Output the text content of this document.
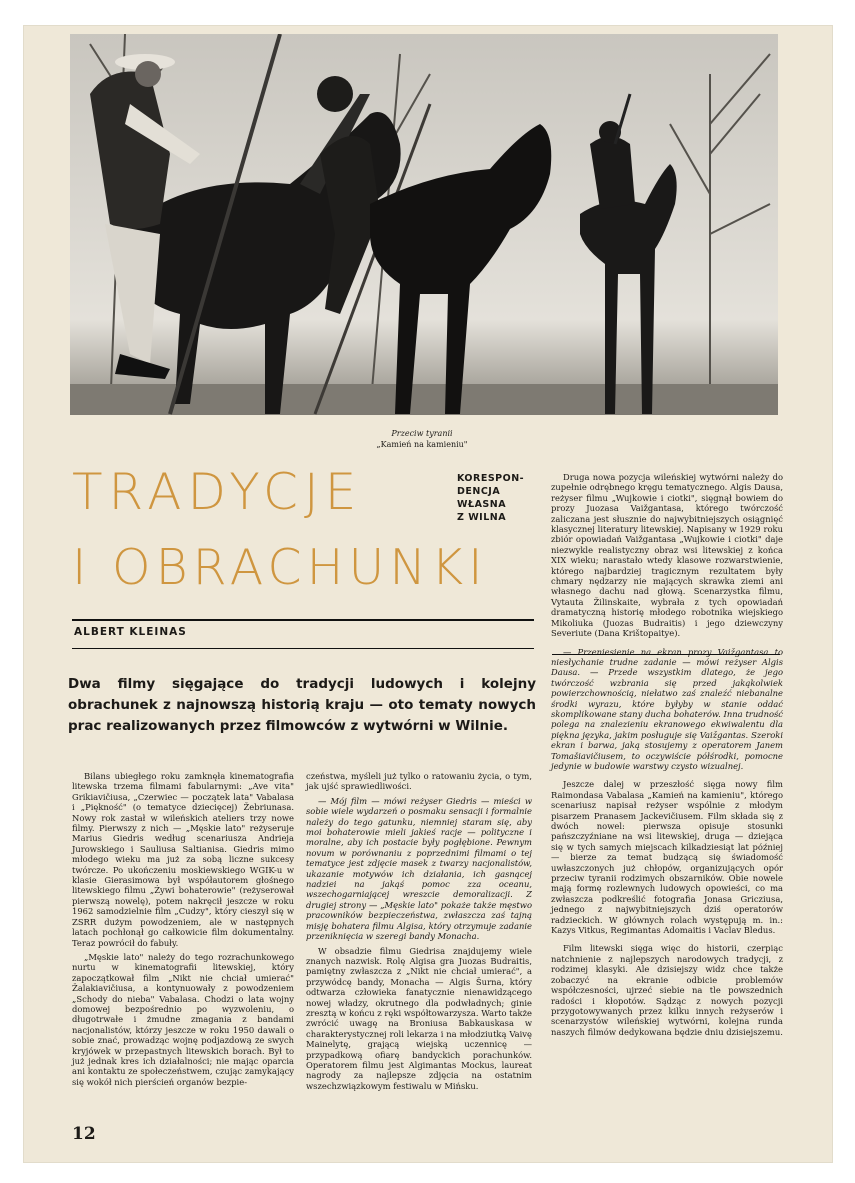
Przeciw tyranii
„Kamień na kamieniu"
TRADYCJE
I OBRACHUNKI
KORESPON-
DENCJA
WŁASNA
Z WILNA
ALBERT KLEINAS
Dwa filmy sięgające do tradycji ludowych i kolejny obrachunek z najnowszą historią kraju — oto tematy nowych prac realizowanych przez filmowców z wytwórni w Wilnie.

Bilans ubiegłego roku zamknęła kinematografia litewska trzema filmami fabularnymi: „Ave vita" Grikiavičiusa, „Czerwiec — początek lata" Vabalasa i „Piękność" (o tematyce dziecięcej) Žebriunasa. Nowy rok zastał w wileńskich ateliers trzy nowe filmy. Pierwszy z nich — „Męskie lato" reżyseruje Marius Giedris według scenariusza Andrieja Jurowskiego i Sauliusa Saltianisa. Giedris mimo młodego wieku ma już za sobą liczne sukcesy twórcze. Po ukończeniu moskiewskiego WGIK-u w klasie Gierasimowa był współautorem głośnego litewskiego filmu „Żywi bohaterowie" (reżyserował pierwszą nowelę), potem nakręcił jeszcze w roku 1962 samodzielnie film „Cudzy", który cieszył się w ZSRR dużym powodzeniem, ale w następnych latach pochłonął go całkowicie film dokumentalny. Teraz powrócił do fabuły.

„Męskie lato" należy do tego rozrachunkowego nurtu w kinematografii litewskiej, który zapoczątkował film „Nikt nie chciał umierać" Žalakiavičiusa, a kontynuowały z powodzeniem „Schody do nieba" Vabalasa. Chodzi o lata wojny domowej bezpośrednio po wyzwoleniu, o długotrwałe i żmudne zmagania z bandami nacjonalistów, którzy jeszcze w roku 1950 dawali o sobie znać, prowadząc wojnę podjazdową ze swych kryjówek w przepastnych litewskich borach. Był to już jednak kres ich działalności; nie mając oparcia ani kontaktu ze społeczeństwem, czując zamykający się wokół nich pierścień organów bezpie-

czeństwa, myśleli już tylko o ratowaniu życia, o tym, jak ujść sprawiedliwości.

— Mój film — mówi reżyser Giedris — mieści w sobie wiele wydarzeń o posmaku sensacji i formalnie należy do tego gatunku, niemniej staram się, aby moi bohaterowie mieli jakieś racje — polityczne i moralne, aby ich postacie były pogłębione. Pewnym novum w porównaniu z poprzednimi filmami o tej tematyce jest zdjęcie masek z twarzy nacjonalistów, ukazanie motywów ich działania, ich gasnącej nadziei na jakąś pomoc zza oceanu, wszechogarniającej wreszcie demoralizacji. Z drugiej strony — „Męskie lato" pokaże także męstwo pracowników bezpieczeństwa, zwłaszcza zaś tajną misję bohatera filmu Algisa, który otrzymuje zadanie przeniknięcia w szeregi bandy Monacha.

W obsadzie filmu Giedrisa znajdujemy wiele znanych nazwisk. Rolę Algisa gra Juozas Budraitis, pamiętny zwłaszcza z „Nikt nie chciał umierać", a przywódcę bandy, Monacha — Algis Šurna, który odtwarza człowieka fanatycznie nienawidzącego nowej władzy, okrutnego dla podwładnych; ginie zresztą w końcu z ręki współtowarzysza. Warto także zwrócić uwagę na Broniusa Babkauskasa w charakterystycznej roli lekarza i na młodziutką Vaivę Mainelytę, grającą wiejską uczennicę — przypadkową ofiarę bandyckich porachunków. Operatorem filmu jest Algimantas Mockus, laureat nagrody za najlepsze zdjęcia na ostatnim wszechzwiązkowym festiwalu w Mińsku.

Druga nowa pozycja wileńskiej wytwórni należy do zupełnie odrębnego kręgu tematycznego. Algis Dausa, reżyser filmu „Wujkowie i ciotki", sięgnął bowiem do prozy Juozasa Vaižgantasa, którego twórczość zaliczana jest słusznie do najwybitniejszych osiągnięć klasycznej literatury litewskiej. Napisany w 1929 roku zbiór opowiadań Vaižgantasa „Wujkowie i ciotki" daje niezwykle realistyczny obraz wsi litewskiej z końca XIX wieku; narastało wtedy klasowe rozwarstwienie, którego najbardziej tragicznym rezultatem były chmary nędzarzy nie mających skrawka ziemi ani własnego dachu nad głową. Scenarzystka filmu, Vytauta Žilinskaite, wybrała z tych opowiadań dramatyczną historię młodego robotnika wiejskiego Mikoliuka (Juozas Budraitis) i jego dziewczyny Severiute (Dana Krištopaitye).

— Przeniesienie na ekran prozy Vaižgantasa to niesłychanie trudne zadanie — mówi reżyser Algis Dausa. — Przede wszystkim dlatego, że jego twórczość wzbrania się przed jakąkolwiek powierzchownością, niełatwo zaś znaleźć niebanalne środki wyrazu, które byłyby w stanie oddać skomplikowane stany ducha bohaterów. Inna trudność polega na znalezieniu ekranowego ekwiwalentu dla piękna języka, jakim posługuje się Vaižgantas. Szeroki ekran i barwa, jaką stosujemy z operatorem Janem Tomašiavičiusem, to oczywiście półśrodki, pomocne jedynie w budowie warstwy czysto wizualnej.

Jeszcze dalej w przeszłość sięga nowy film Raimondasa Vabalasa „Kamień na kamieniu", którego scenariusz napisał reżyser wspólnie z młodym pisarzem Pranasem Jackevičiusem. Film składa się z dwóch nowel: pierwsza opisuje stosunki pańszczyźniane na wsi litewskiej, druga — dziejąca się w tych samych miejscach kilkadziesiąt lat później — bierze za temat budzącą się świadomość uwłaszczonych już chłopów, organizujących opór przeciw tyranii rodzimych obszarników. Obie nowele mają formę rozlewnych ludowych opowieści, co ma zwłaszcza podkreślić fotografia Jonasa Gricziusa, jednego z najwybitniejszych dziś operatorów radzieckich. W głównych rolach występują m. in.: Kazys Vitkus, Regimantas Adomaitis i Vaclav Bledus.

Film litewski sięga więc do historii, czerpiąc natchnienie z najlepszych narodowych tradycji, z rodzimej klasyki. Ale dzisiejszy widz chce także zobaczyć na ekranie odbicie problemów współczesności, ujrzeć siebie na tle powszednich radości i kłopotów. Sądząc z nowych pozycji przygotowywanych przez kilku innych reżyserów i scenarzystów wileńskiej wytwórni, kolejna runda naszych filmów dedykowana będzie dniu dzisiejszemu.

12
